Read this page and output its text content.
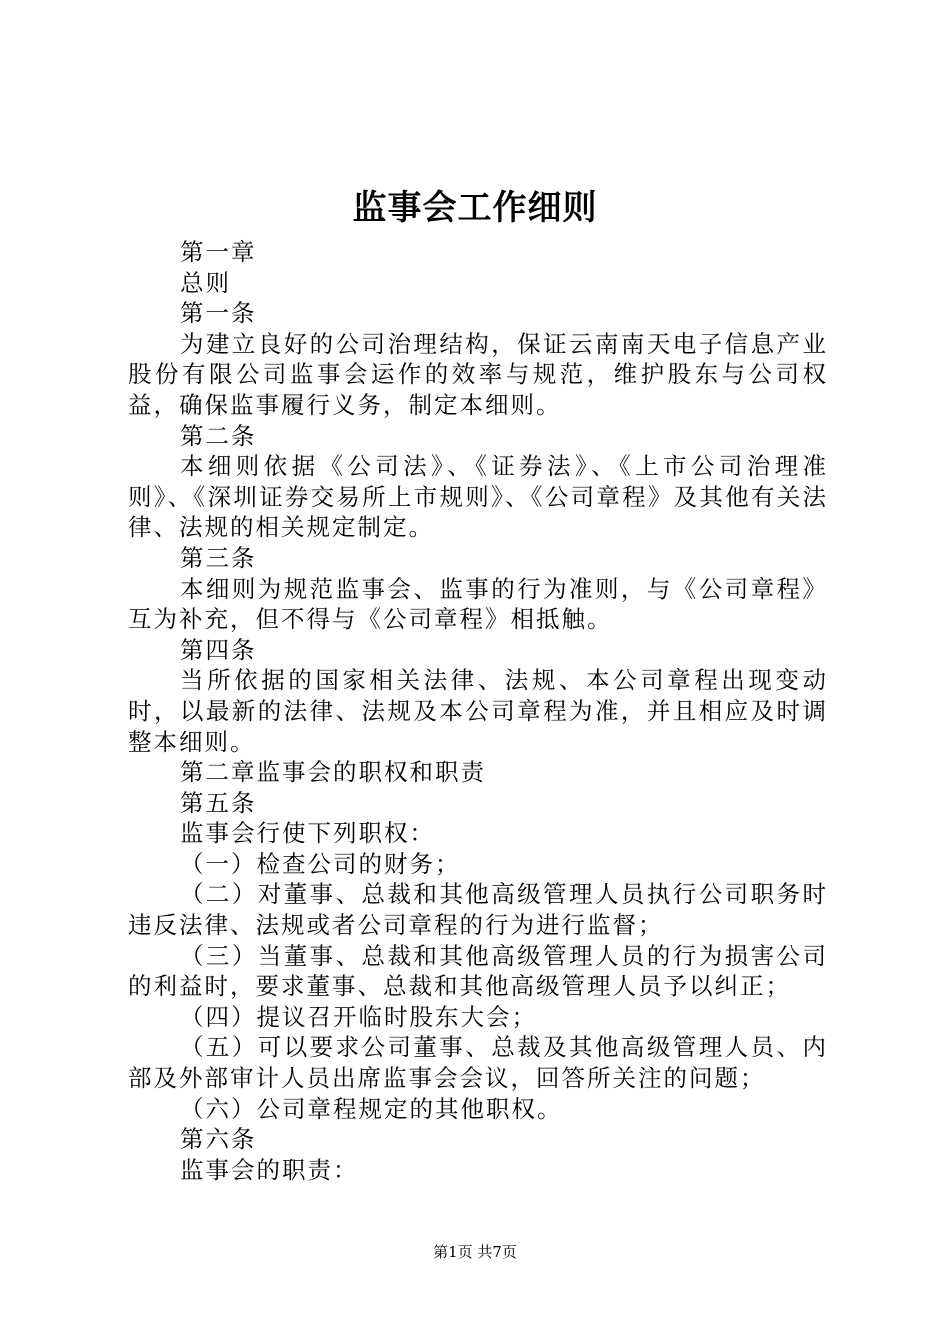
监事会工作细则

第一章

总则

第一条

为建立良好的公司治理结构，保证云南南天电子信息产业股份有限公司监事会运作的效率与规范，维护股东与公司权益，确保监事履行义务，制定本细则。

第二条

本细则依据《公司法》、《证券法》、《上市公司治理准则》、《深圳证券交易所上市规则》、《公司章程》及其他有关法律、法规的相关规定制定。

第三条

本细则为规范监事会、监事的行为准则，与《公司章程》互为补充，但不得与《公司章程》相抵触。

第四条

当所依据的国家相关法律、法规、本公司章程出现变动时，以最新的法律、法规及本公司章程为准，并且相应及时调整本细则。

第二章监事会的职权和职责

第五条

监事会行使下列职权：

（一）检查公司的财务；

（二）对董事、总裁和其他高级管理人员执行公司职务时违反法律、法规或者公司章程的行为进行监督；

（三）当董事、总裁和其他高级管理人员的行为损害公司的利益时，要求董事、总裁和其他高级管理人员予以纠正；

（四）提议召开临时股东大会；

（五）可以要求公司董事、总裁及其他高级管理人员、内部及外部审计人员出席监事会会议，回答所关注的问题；

（六）公司章程规定的其他职权。

第六条

监事会的职责：

第1页 共7页
